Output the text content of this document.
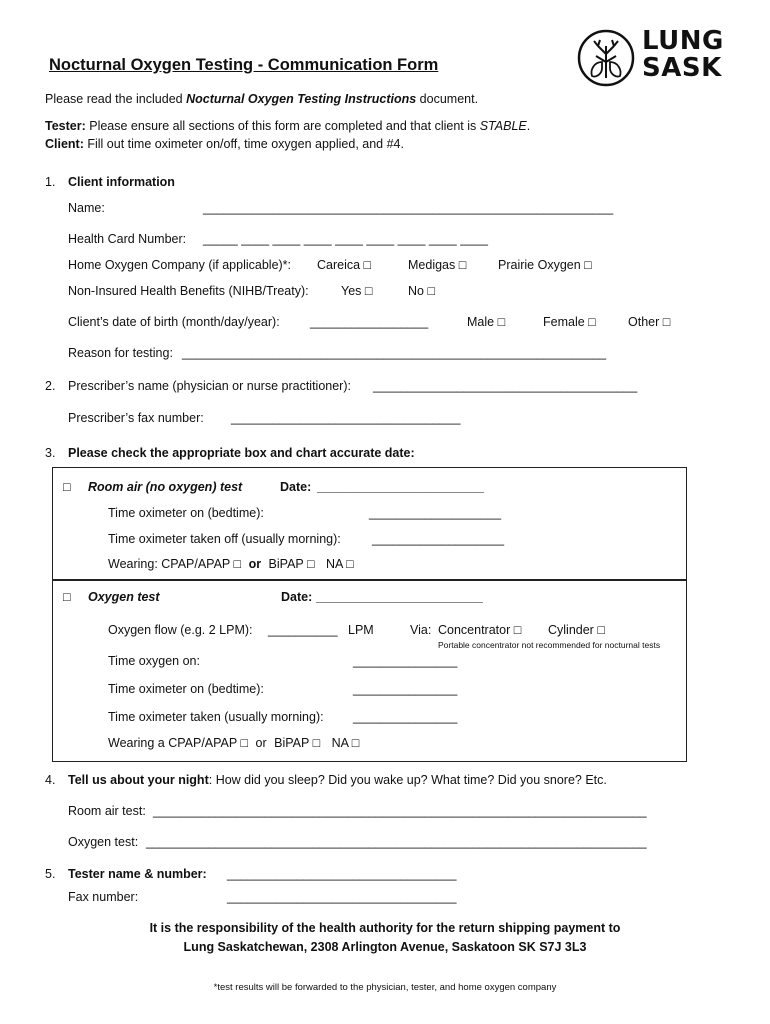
Nocturnal Oxygen Testing - Communication Form
LUNG
SASK
Please read the included Nocturnal Oxygen Testing Instructions document.
Tester: Please ensure all sections of this form are completed and that client is STABLE.
Client: Fill out time oximeter on/off, time oxygen applied, and #4.
1. Client information
Name:	___________________________________________________________
Health Card Number: _____ ____ ____ ____ ____ ____ ____ ____ ____
Home Oxygen Company (if applicable)*: Careica □	Medigas □	Prairie Oxygen □
Non-Insured Health Benefits (NIHB/Treaty):	Yes □	No □
Client’s date of birth (month/day/year): _________________	Male □	Female □	Other □
Reason for testing: _____________________________________________________________
2. Prescriber’s name (physician or nurse practitioner): ______________________________________
Prescriber’s fax number: _________________________________
3. Please check the appropriate box and chart accurate date:
□ Room air (no oxygen) test	Date: ________________________
Time oximeter on (bedtime):	___________________
Time oximeter taken off (usually morning):	___________________
Wearing: CPAP/APAP □ or BiPAP □ NA □
□ Oxygen test	Date: ________________________
Oxygen flow (e.g. 2 LPM): __________ LPM	Via: Concentrator □ Cylinder □
Portable concentrator not recommended for nocturnal tests
Time oxygen on:	_______________
Time oximeter on (bedtime):	_______________
Time oximeter taken (usually morning): _______________
Wearing a CPAP/APAP □ or BiPAP □ NA □
4. Tell us about your night: How did you sleep? Did you wake up? What time? Did you snore? Etc.
Room air test: _______________________________________________________________________
Oxygen test: ________________________________________________________________________
5. Tester name & number: _________________________________
Fax number:	_________________________________
It is the responsibility of the health authority for the return shipping payment to
Lung Saskatchewan, 2308 Arlington Avenue, Saskatoon SK S7J 3L3
*test results will be forwarded to the physician, tester, and home oxygen company
